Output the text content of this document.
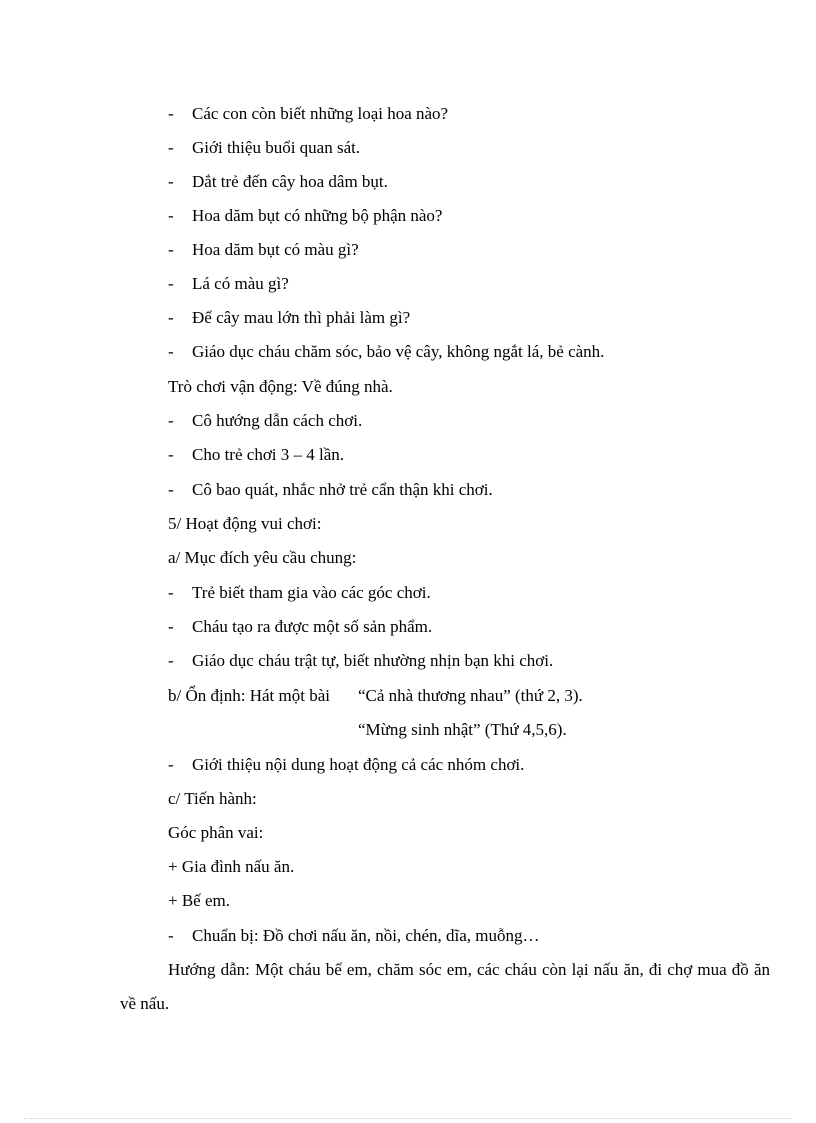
-	Các con còn biết những loại hoa nào?
-	Giới thiệu buổi quan sát.
-	Dắt trẻ đến cây hoa dâm bụt.
-	Hoa dăm bụt có những bộ phận nào?
-	Hoa dăm bụt có màu gì?
-	Lá có màu gì?
-	Để cây mau lớn thì phải làm gì?
-	Giáo dục cháu chăm sóc, bảo vệ cây, không ngắt lá, bẻ cành.
Trò chơi vận động: Về đúng nhà.
-	Cô hướng dẫn cách chơi.
-	Cho trẻ chơi 3 – 4 lần.
-	Cô bao quát, nhắc nhở trẻ cẩn thận khi chơi.
5/ Hoạt động vui chơi:
a/ Mục đích yêu cầu chung:
-	Trẻ biết tham gia vào các góc chơi.
-	Cháu tạo ra được một số sản phẩm.
-	Giáo dục cháu trật tự, biết nhường nhịn bạn khi chơi.
b/ Ổn định: Hát một bài “Cả nhà thương nhau” (thứ 2, 3).
“Mừng sinh nhật” (Thứ 4,5,6).
-	Giới thiệu nội dung hoạt động cả các nhóm chơi.
c/ Tiến hành:
Góc phân vai:
+ Gia đình nấu ăn.
+ Bế em.
-	Chuẩn bị: Đồ chơi nấu ăn, nồi, chén, dĩa, muỗng…
Hướng dẫn: Một cháu bế em, chăm sóc em, các cháu còn lại nấu ăn, đi chợ mua đồ ăn về nấu.
